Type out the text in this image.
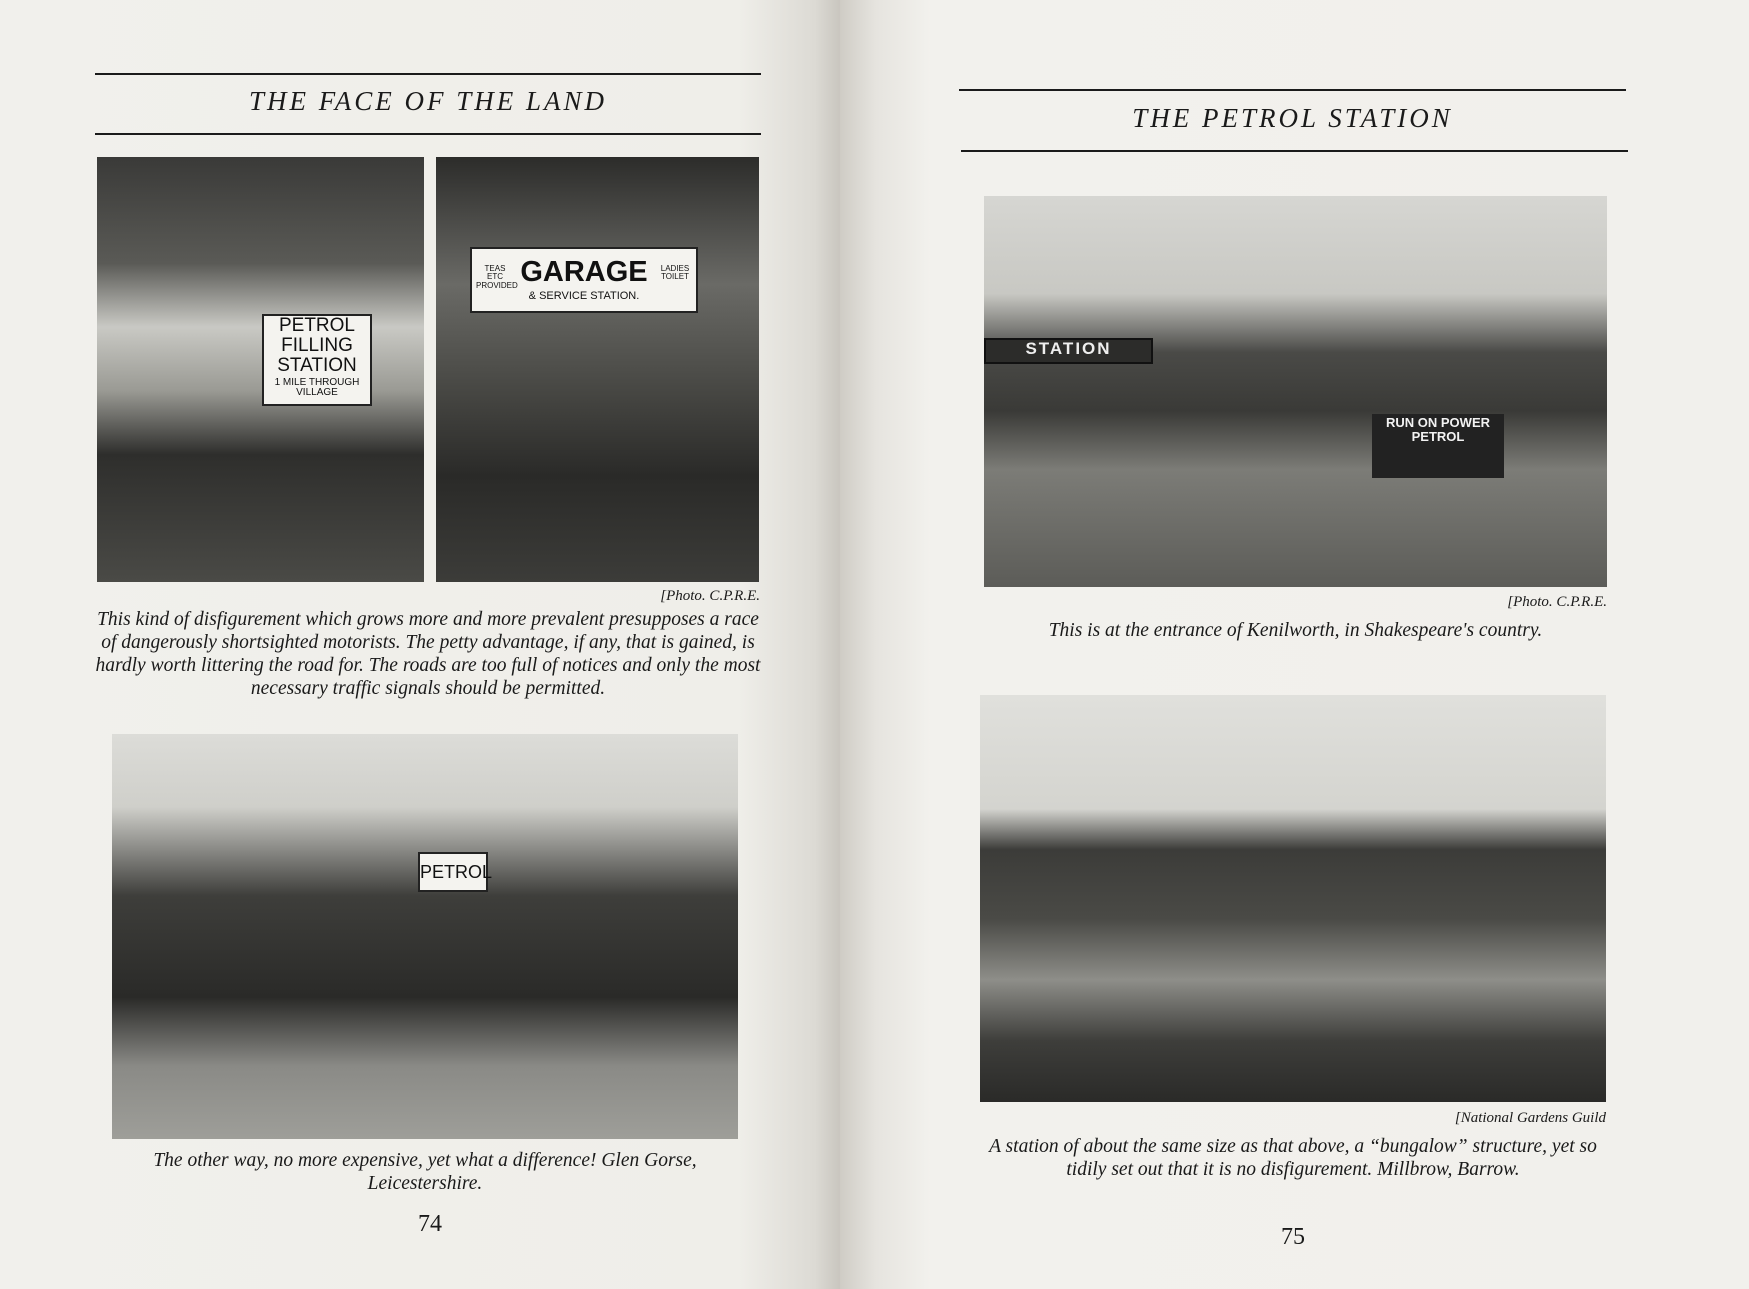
THE FACE OF THE LAND
PETROL FILLING STATION
1 MILE THROUGH VILLAGE
TEAS ETC PROVIDED GARAGE
& SERVICE STATION.
LADIES TOILET
[Photo. C.P.R.E.
This kind of disfigurement which grows more and more prevalent presupposes a race of dangerously shortsighted motorists. The petty advantage, if any, that is gained, is hardly worth littering the road for. The roads are too full of notices and only the most necessary traffic signals should be permitted.
PETROL
The other way, no more expensive, yet what a difference! Glen Gorse, Leicestershire.
74
THE PETROL STATION
STATION
RUN ON POWER PETROL
[Photo. C.P.R.E.
This is at the entrance of Kenilworth, in Shakespeare's country.
[National Gardens Guild
A station of about the same size as that above, a “bungalow” structure, yet so tidily set out that it is no disfigurement. Millbrow, Barrow.
75
